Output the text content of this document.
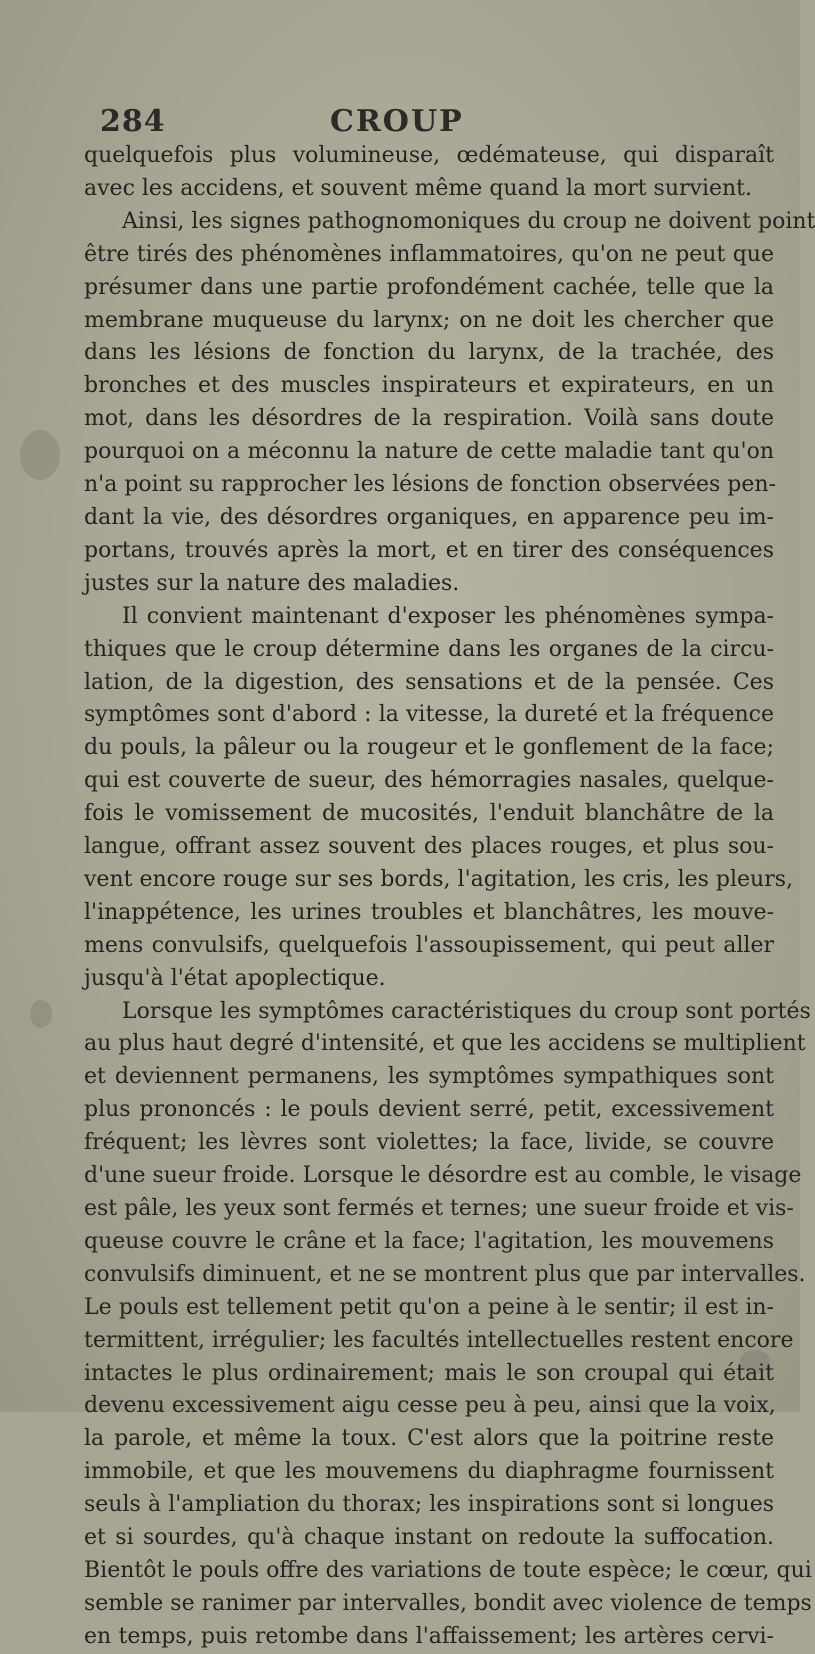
284	CROUP
quelquefois plus volumineuse, œdémateuse, qui disparaît
avec les accidens, et souvent même quand la mort survient.
Ainsi, les signes pathognomoniques du croup ne doivent point
être tirés des phénomènes inflammatoires, qu'on ne peut que
présumer dans une partie profondément cachée, telle que la
membrane muqueuse du larynx; on ne doit les chercher que
dans les lésions de fonction du larynx, de la trachée, des
bronches et des muscles inspirateurs et expirateurs, en un
mot, dans les désordres de la respiration. Voilà sans doute
pourquoi on a méconnu la nature de cette maladie tant qu'on
n'a point su rapprocher les lésions de fonction observées pen-
dant la vie, des désordres organiques, en apparence peu im-
portans, trouvés après la mort, et en tirer des conséquences
justes sur la nature des maladies.
Il convient maintenant d'exposer les phénomènes sympa-
thiques que le croup détermine dans les organes de la circu-
lation, de la digestion, des sensations et de la pensée. Ces
symptômes sont d'abord : la vitesse, la dureté et la fréquence
du pouls, la pâleur ou la rougeur et le gonflement de la face;
qui est couverte de sueur, des hémorragies nasales, quelque-
fois le vomissement de mucosités, l'enduit blanchâtre de la
langue, offrant assez souvent des places rouges, et plus sou-
vent encore rouge sur ses bords, l'agitation, les cris, les pleurs,
l'inappétence, les urines troubles et blanchâtres, les mouve-
mens convulsifs, quelquefois l'assoupissement, qui peut aller
jusqu'à l'état apoplectique.
Lorsque les symptômes caractéristiques du croup sont portés
au plus haut degré d'intensité, et que les accidens se multiplient
et deviennent permanens, les symptômes sympathiques sont
plus prononcés : le pouls devient serré, petit, excessivement
fréquent; les lèvres sont violettes; la face, livide, se couvre
d'une sueur froide. Lorsque le désordre est au comble, le visage
est pâle, les yeux sont fermés et ternes; une sueur froide et vis-
queuse couvre le crâne et la face; l'agitation, les mouvemens
convulsifs diminuent, et ne se montrent plus que par intervalles.
Le pouls est tellement petit qu'on a peine à le sentir; il est in-
termittent, irrégulier; les facultés intellectuelles restent encore
intactes le plus ordinairement; mais le son croupal qui était
devenu excessivement aigu cesse peu à peu, ainsi que la voix,
la parole, et même la toux. C'est alors que la poitrine reste
immobile, et que les mouvemens du diaphragme fournissent
seuls à l'ampliation du thorax; les inspirations sont si longues
et si sourdes, qu'à chaque instant on redoute la suffocation.
Bientôt le pouls offre des variations de toute espèce; le cœur, qui
semble se ranimer par intervalles, bondit avec violence de temps
en temps, puis retombe dans l'affaissement; les artères cervi-
